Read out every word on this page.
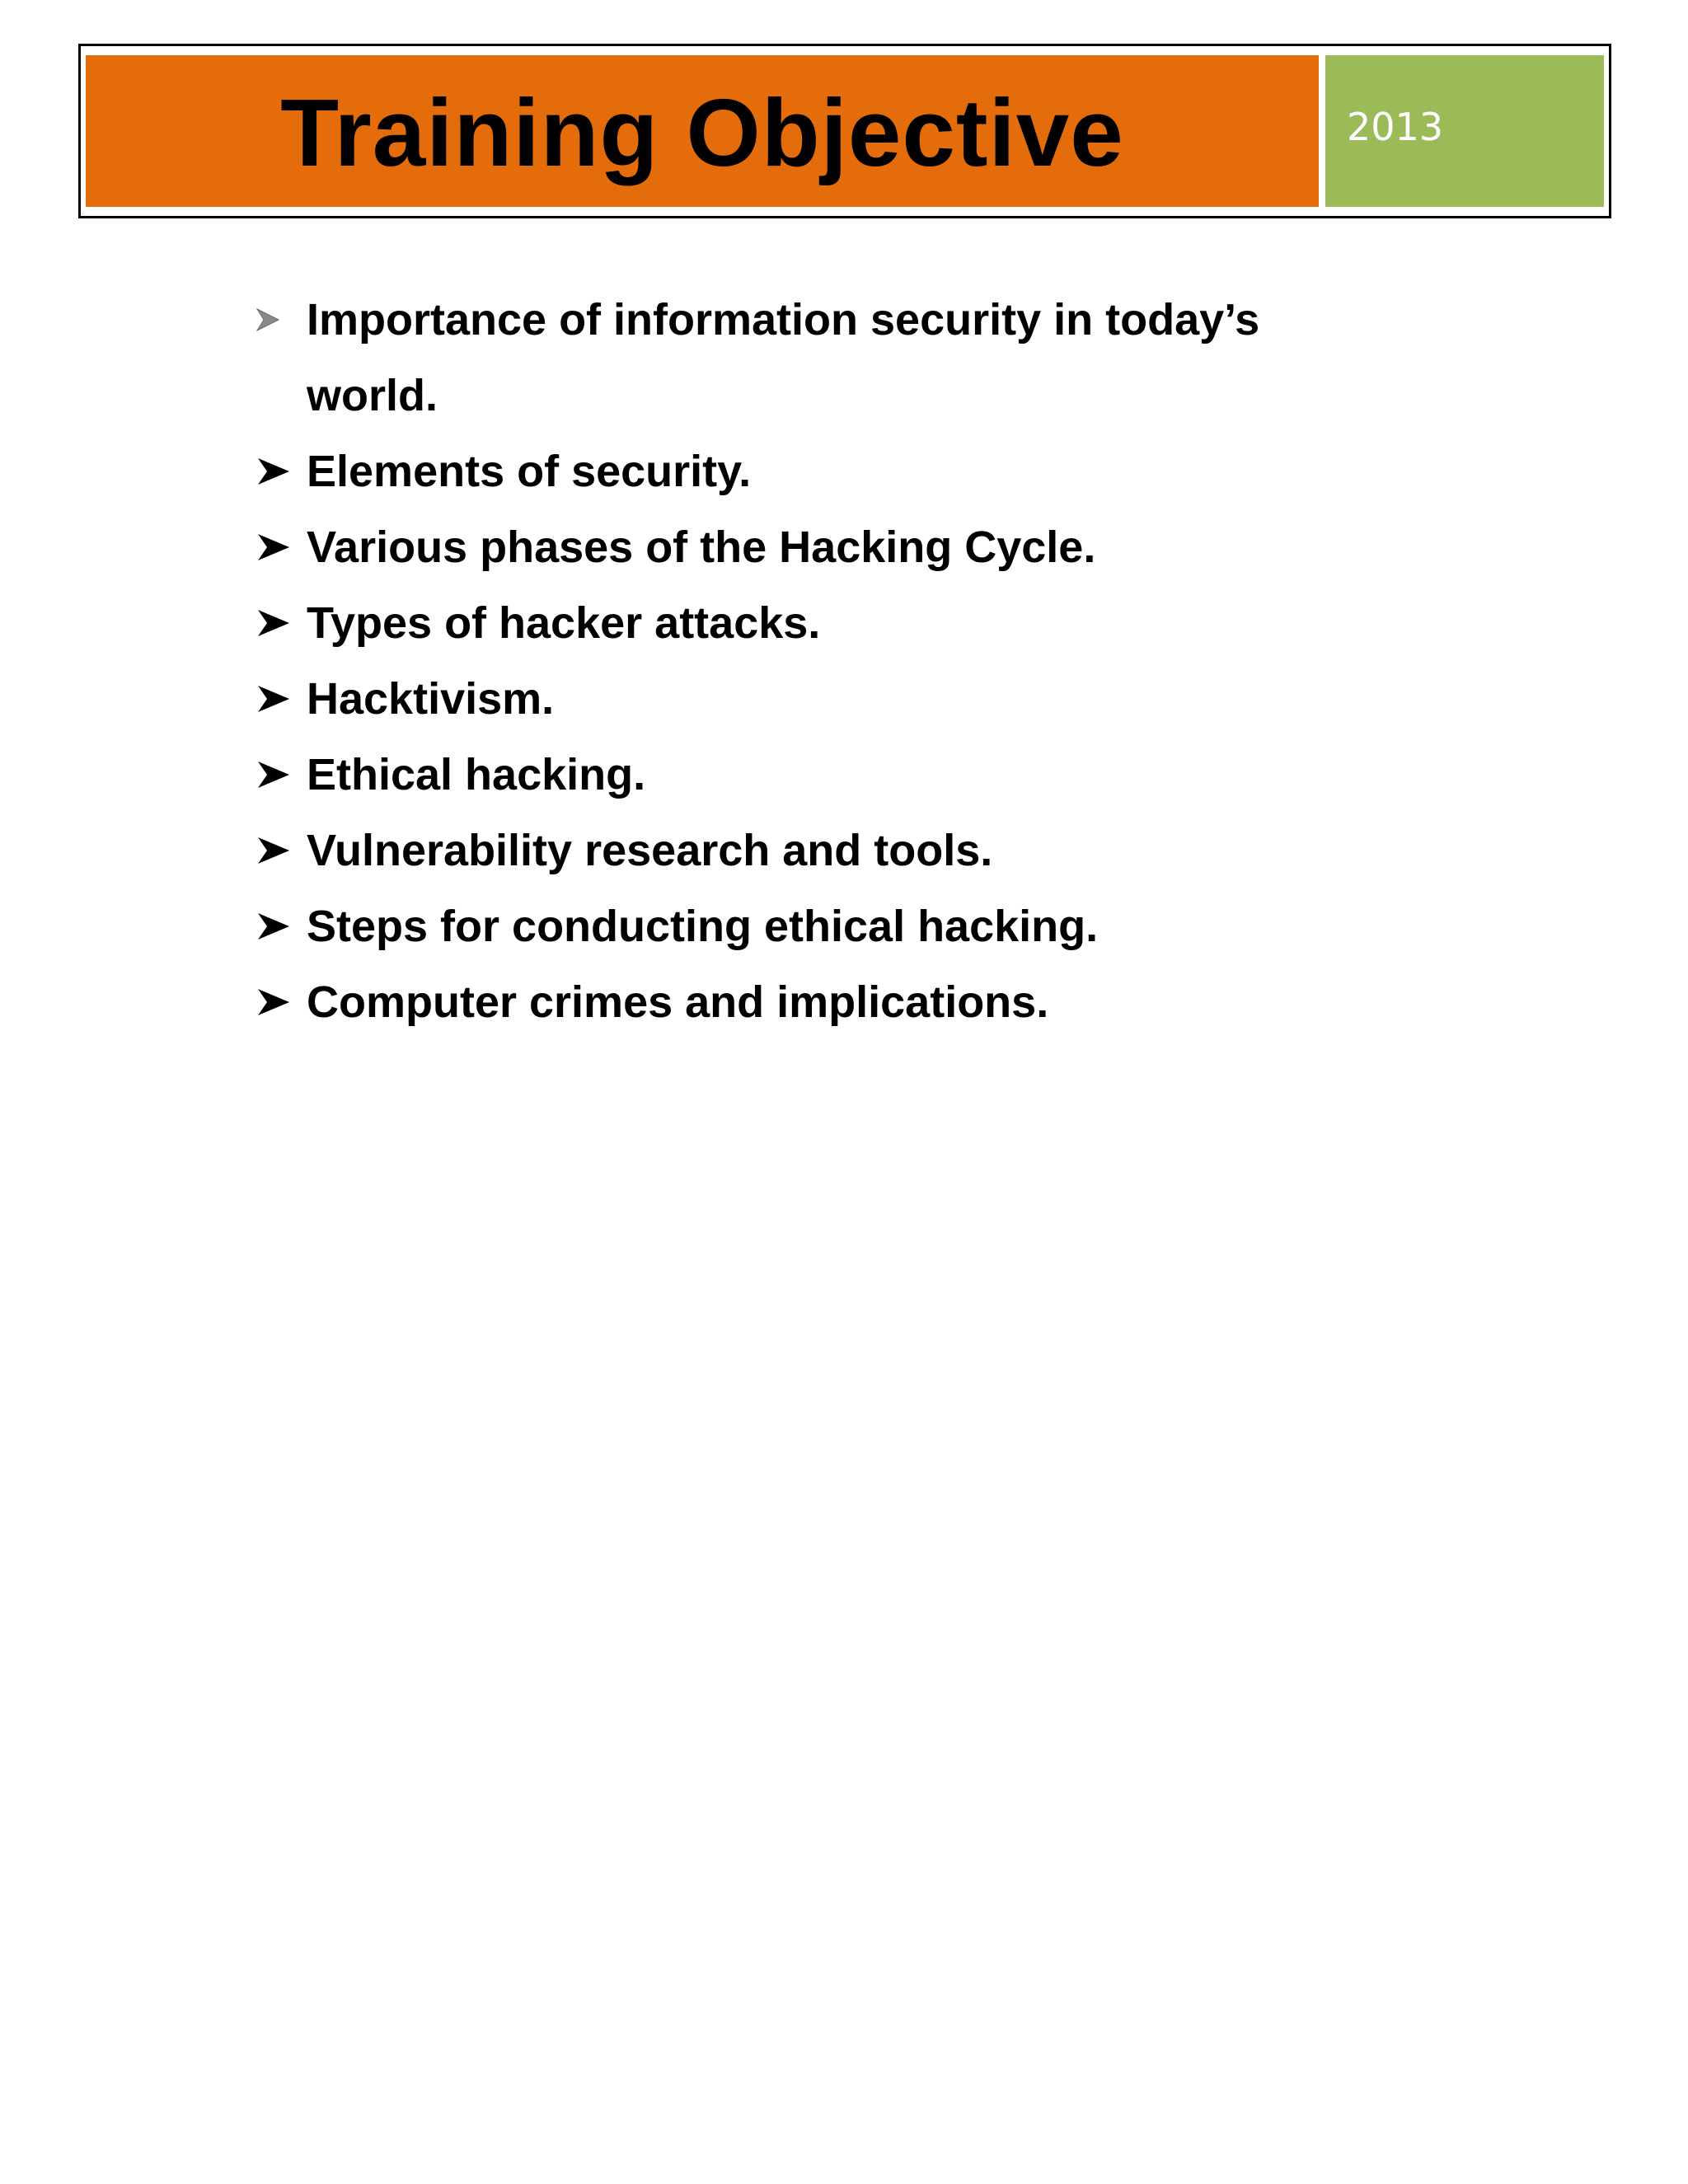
Training Objective	2013
Importance of information security in today’s world.
Elements of security.
Various phases of the Hacking Cycle.
Types of hacker attacks.
Hacktivism.
Ethical hacking.
Vulnerability research and tools.
Steps for conducting ethical hacking.
Computer crimes and implications.
